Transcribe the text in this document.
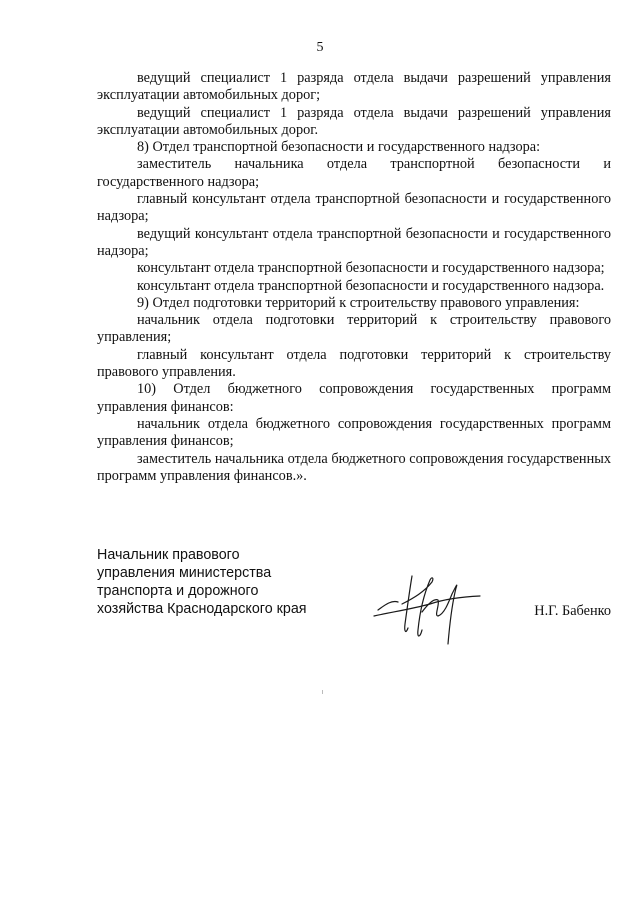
5

ведущий специалист 1 разряда отдела выдачи разрешений управления эксплуатации автомобильных дорог;

ведущий специалист 1 разряда отдела выдачи разрешений управления эксплуатации автомобильных дорог.

8) Отдел транспортной безопасности и государственного надзора:

заместитель начальника отдела транспортной безопасности и государственного надзора;

главный консультант отдела транспортной безопасности и государственного надзора;

ведущий консультант отдела транспортной безопасности и государственного надзора;

консультант отдела транспортной безопасности и государственного надзора;

консультант отдела транспортной безопасности и государственного надзора.

9) Отдел подготовки территорий к строительству правового управления:

начальник отдела подготовки территорий к строительству правового управления;

главный консультант отдела подготовки территорий к строительству правового управления.

10) Отдел бюджетного сопровождения государственных программ управления финансов:

начальник отдела бюджетного сопровождения государственных программ управления финансов;

заместитель начальника отдела бюджетного сопровождения государственных программ управления финансов.».

Начальник правового
управления министерства
транспорта и дорожного
хозяйства Краснодарского края	Н.Г. Бабенко
